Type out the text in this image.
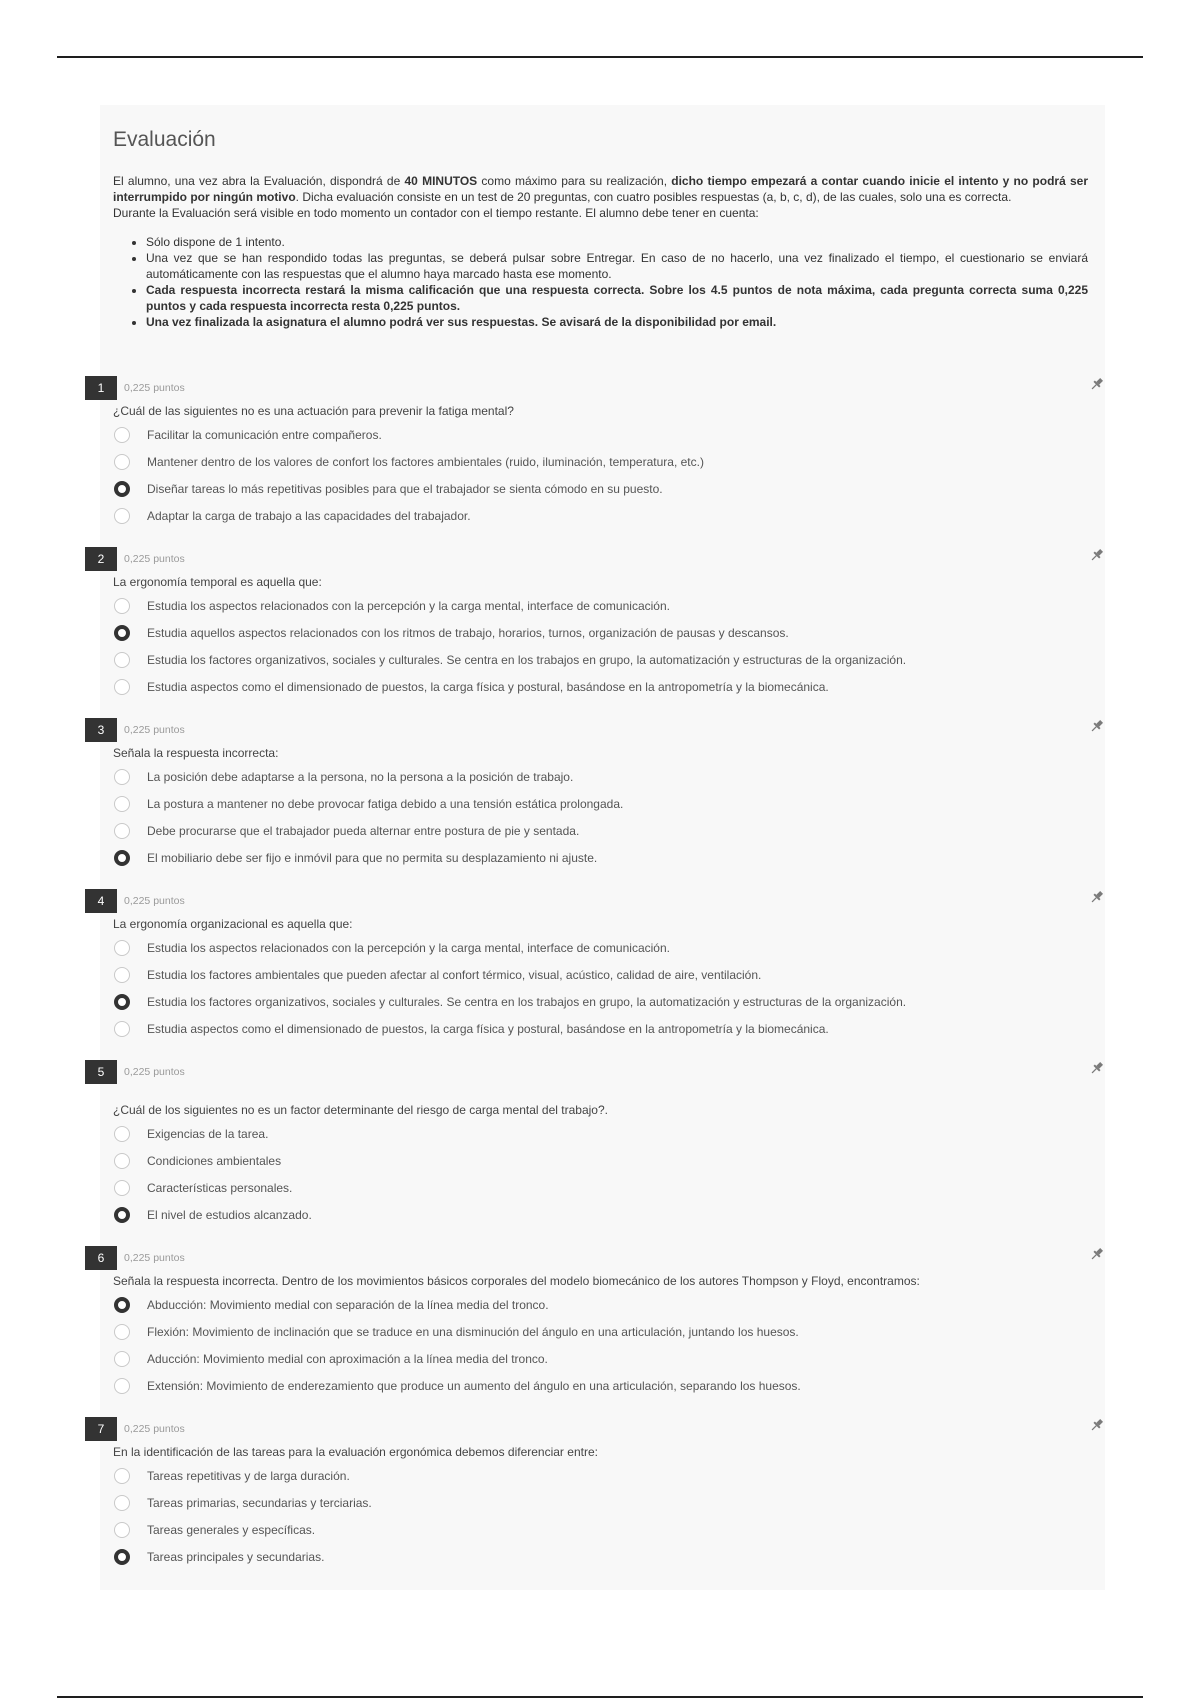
Evaluación

El alumno, una vez abra la Evaluación, dispondrá de 40 MINUTOS como máximo para su realización, dicho tiempo empezará a contar cuando inicie el intento y no podrá ser interrumpido por ningún motivo. Dicha evaluación consiste en un test de 20 preguntas, con cuatro posibles respuestas (a, b, c, d), de las cuales, solo una es correcta.

Durante la Evaluación será visible en todo momento un contador con el tiempo restante. El alumno debe tener en cuenta:

• Sólo dispone de 1 intento.
• Una vez que se han respondido todas las preguntas, se deberá pulsar sobre Entregar. En caso de no hacerlo, una vez finalizado el tiempo, el cuestionario se enviará automáticamente con las respuestas que el alumno haya marcado hasta ese momento.
• Cada respuesta incorrecta restará la misma calificación que una respuesta correcta. Sobre los 4.5 puntos de nota máxima, cada pregunta correcta suma 0,225 puntos y cada respuesta incorrecta resta 0,225 puntos.
• Una vez finalizada la asignatura el alumno podrá ver sus respuestas. Se avisará de la disponibilidad por email.
1	0,225 puntos
¿Cuál de las siguientes no es una actuación para prevenir la fatiga mental?
Facilitar la comunicación entre compañeros.
Mantener dentro de los valores de confort los factores ambientales (ruido, iluminación, temperatura, etc.)
Diseñar tareas lo más repetitivas posibles para que el trabajador se sienta cómodo en su puesto.
Adaptar la carga de trabajo a las capacidades del trabajador.
2	0,225 puntos
La ergonomía temporal es aquella que:
Estudia los aspectos relacionados con la percepción y la carga mental, interface de comunicación.
Estudia aquellos aspectos relacionados con los ritmos de trabajo, horarios, turnos, organización de pausas y descansos.
Estudia los factores organizativos, sociales y culturales. Se centra en los trabajos en grupo, la automatización y estructuras de la organización.
Estudia aspectos como el dimensionado de puestos, la carga física y postural, basándose en la antropometría y la biomecánica.
3	0,225 puntos
Señala la respuesta incorrecta:
La posición debe adaptarse a la persona, no la persona a la posición de trabajo.
La postura a mantener no debe provocar fatiga debido a una tensión estática prolongada.
Debe procurarse que el trabajador pueda alternar entre postura de pie y sentada.
El mobiliario debe ser fijo e inmóvil para que no permita su desplazamiento ni ajuste.
4	0,225 puntos
La ergonomía organizacional es aquella que:
Estudia los aspectos relacionados con la percepción y la carga mental, interface de comunicación.
Estudia los factores ambientales que pueden afectar al confort térmico, visual, acústico, calidad de aire, ventilación.
Estudia los factores organizativos, sociales y culturales. Se centra en los trabajos en grupo, la automatización y estructuras de la organización.
Estudia aspectos como el dimensionado de puestos, la carga física y postural, basándose en la antropometría y la biomecánica.
5	0,225 puntos
¿Cuál de los siguientes no es un factor determinante del riesgo de carga mental del trabajo?.
Exigencias de la tarea.
Condiciones ambientales
Características personales.
El nivel de estudios alcanzado.
6	0,225 puntos
Señala la respuesta incorrecta. Dentro de los movimientos básicos corporales del modelo biomecánico de los autores Thompson y Floyd, encontramos:
Abducción: Movimiento medial con separación de la línea media del tronco.
Flexión: Movimiento de inclinación que se traduce en una disminución del ángulo en una articulación, juntando los huesos.
Aducción: Movimiento medial con aproximación a la línea media del tronco.
Extensión: Movimiento de enderezamiento que produce un aumento del ángulo en una articulación, separando los huesos.
7	0,225 puntos
En la identificación de las tareas para la evaluación ergonómica debemos diferenciar entre:
Tareas repetitivas y de larga duración.
Tareas primarias, secundarias y terciarias.
Tareas generales y específicas.
Tareas principales y secundarias.
